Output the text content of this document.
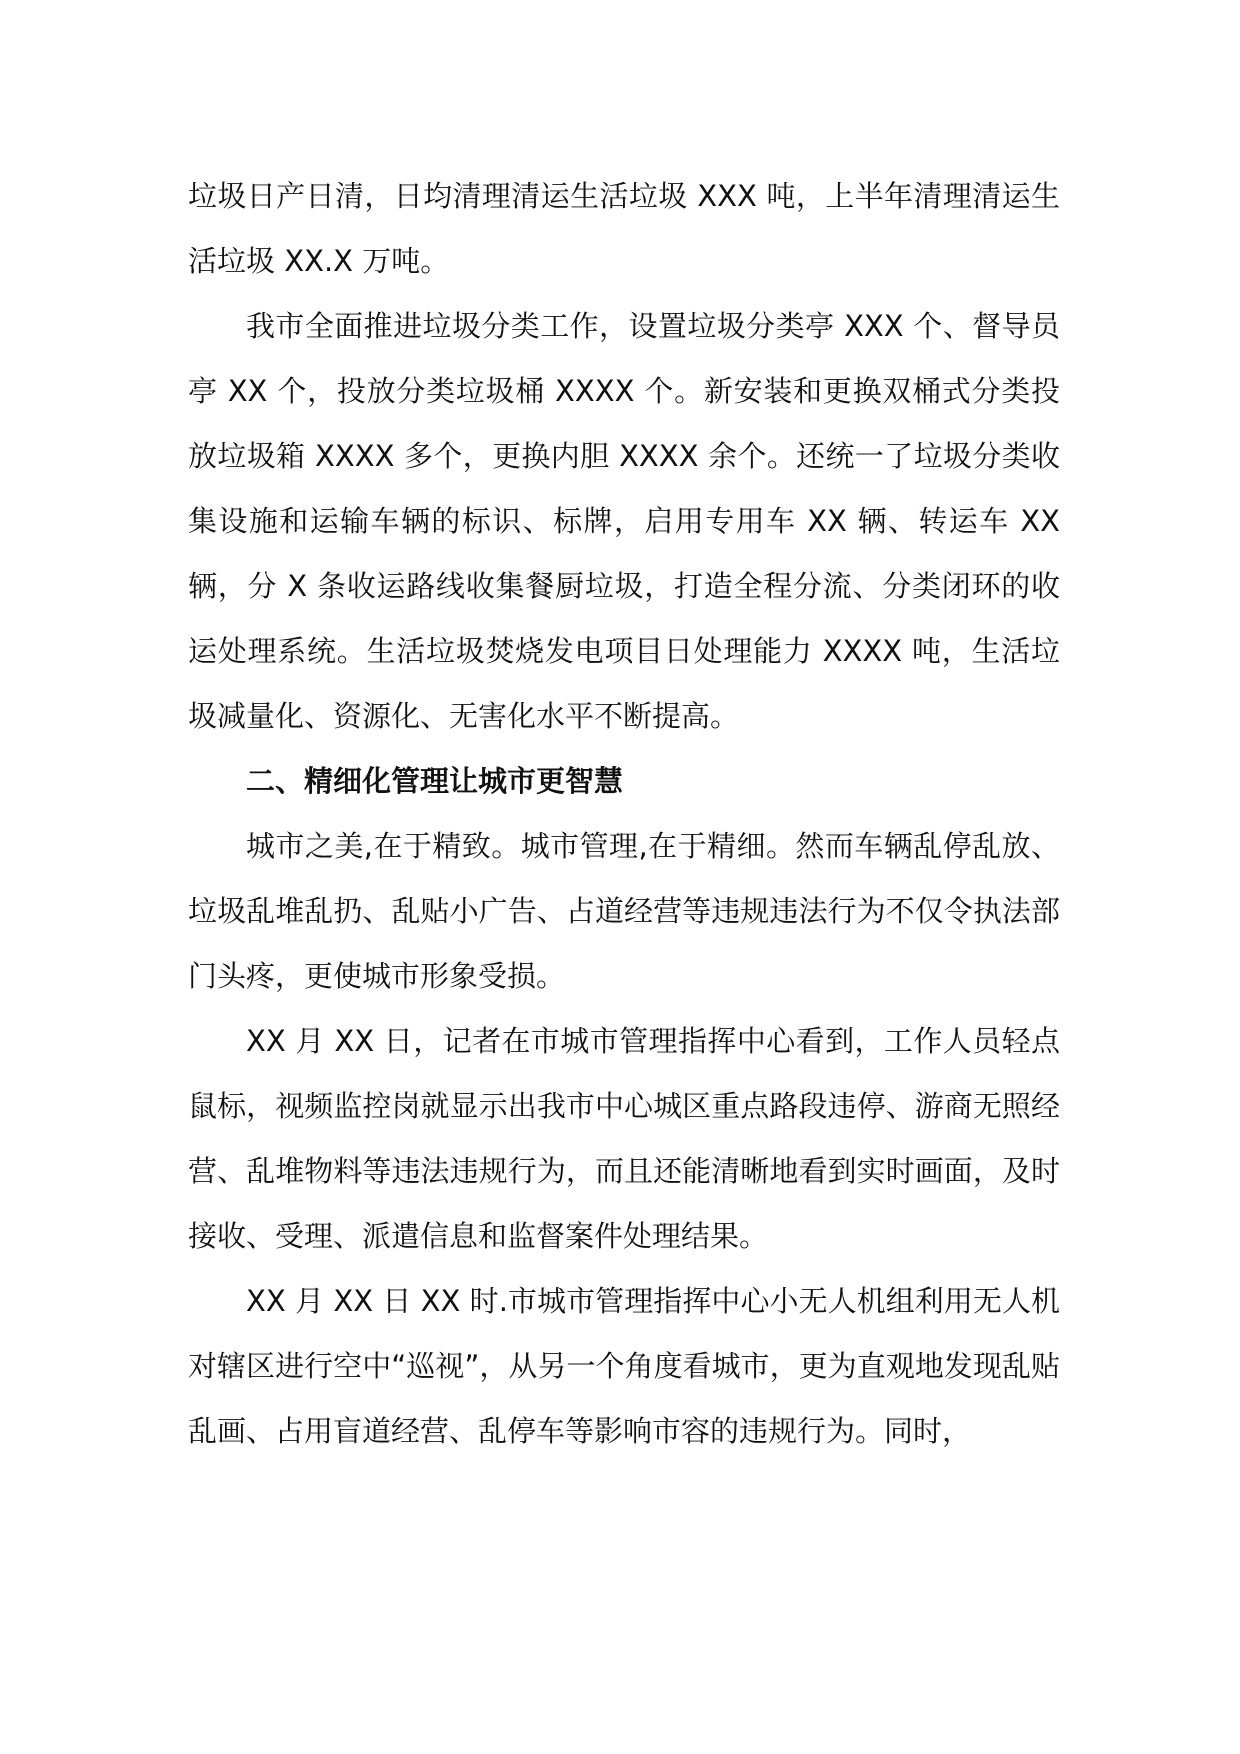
垃圾日产日清，日均清理清运生活垃圾 XXX 吨，上半年清理清运生活垃圾 XX.X 万吨。

我市全面推进垃圾分类工作，设置垃圾分类亭 XXX 个、督导员亭 XX 个，投放分类垃圾桶 XXXX 个。新安装和更换双桶式分类投放垃圾箱 XXXX 多个，更换内胆 XXXX 余个。还统一了垃圾分类收集设施和运输车辆的标识、标牌，启用专用车 XX 辆、转运车 XX 辆，分 X 条收运路线收集餐厨垃圾，打造全程分流、分类闭环的收运处理系统。生活垃圾焚烧发电项目日处理能力 XXXX 吨，生活垃圾减量化、资源化、无害化水平不断提高。

二、精细化管理让城市更智慧

城市之美,在于精致。城市管理,在于精细。然而车辆乱停乱放、垃圾乱堆乱扔、乱贴小广告、占道经营等违规违法行为不仅令执法部门头疼，更使城市形象受损。

XX 月 XX 日，记者在市城市管理指挥中心看到，工作人员轻点鼠标，视频监控岗就显示出我市中心城区重点路段违停、游商无照经营、乱堆物料等违法违规行为，而且还能清晰地看到实时画面，及时接收、受理、派遣信息和监督案件处理结果。

XX 月 XX 日 XX 时.市城市管理指挥中心小无人机组利用无人机对辖区进行空中“巡视”，从另一个角度看城市，更为直观地发现乱贴乱画、占用盲道经营、乱停车等影响市容的违规行为。同时，
